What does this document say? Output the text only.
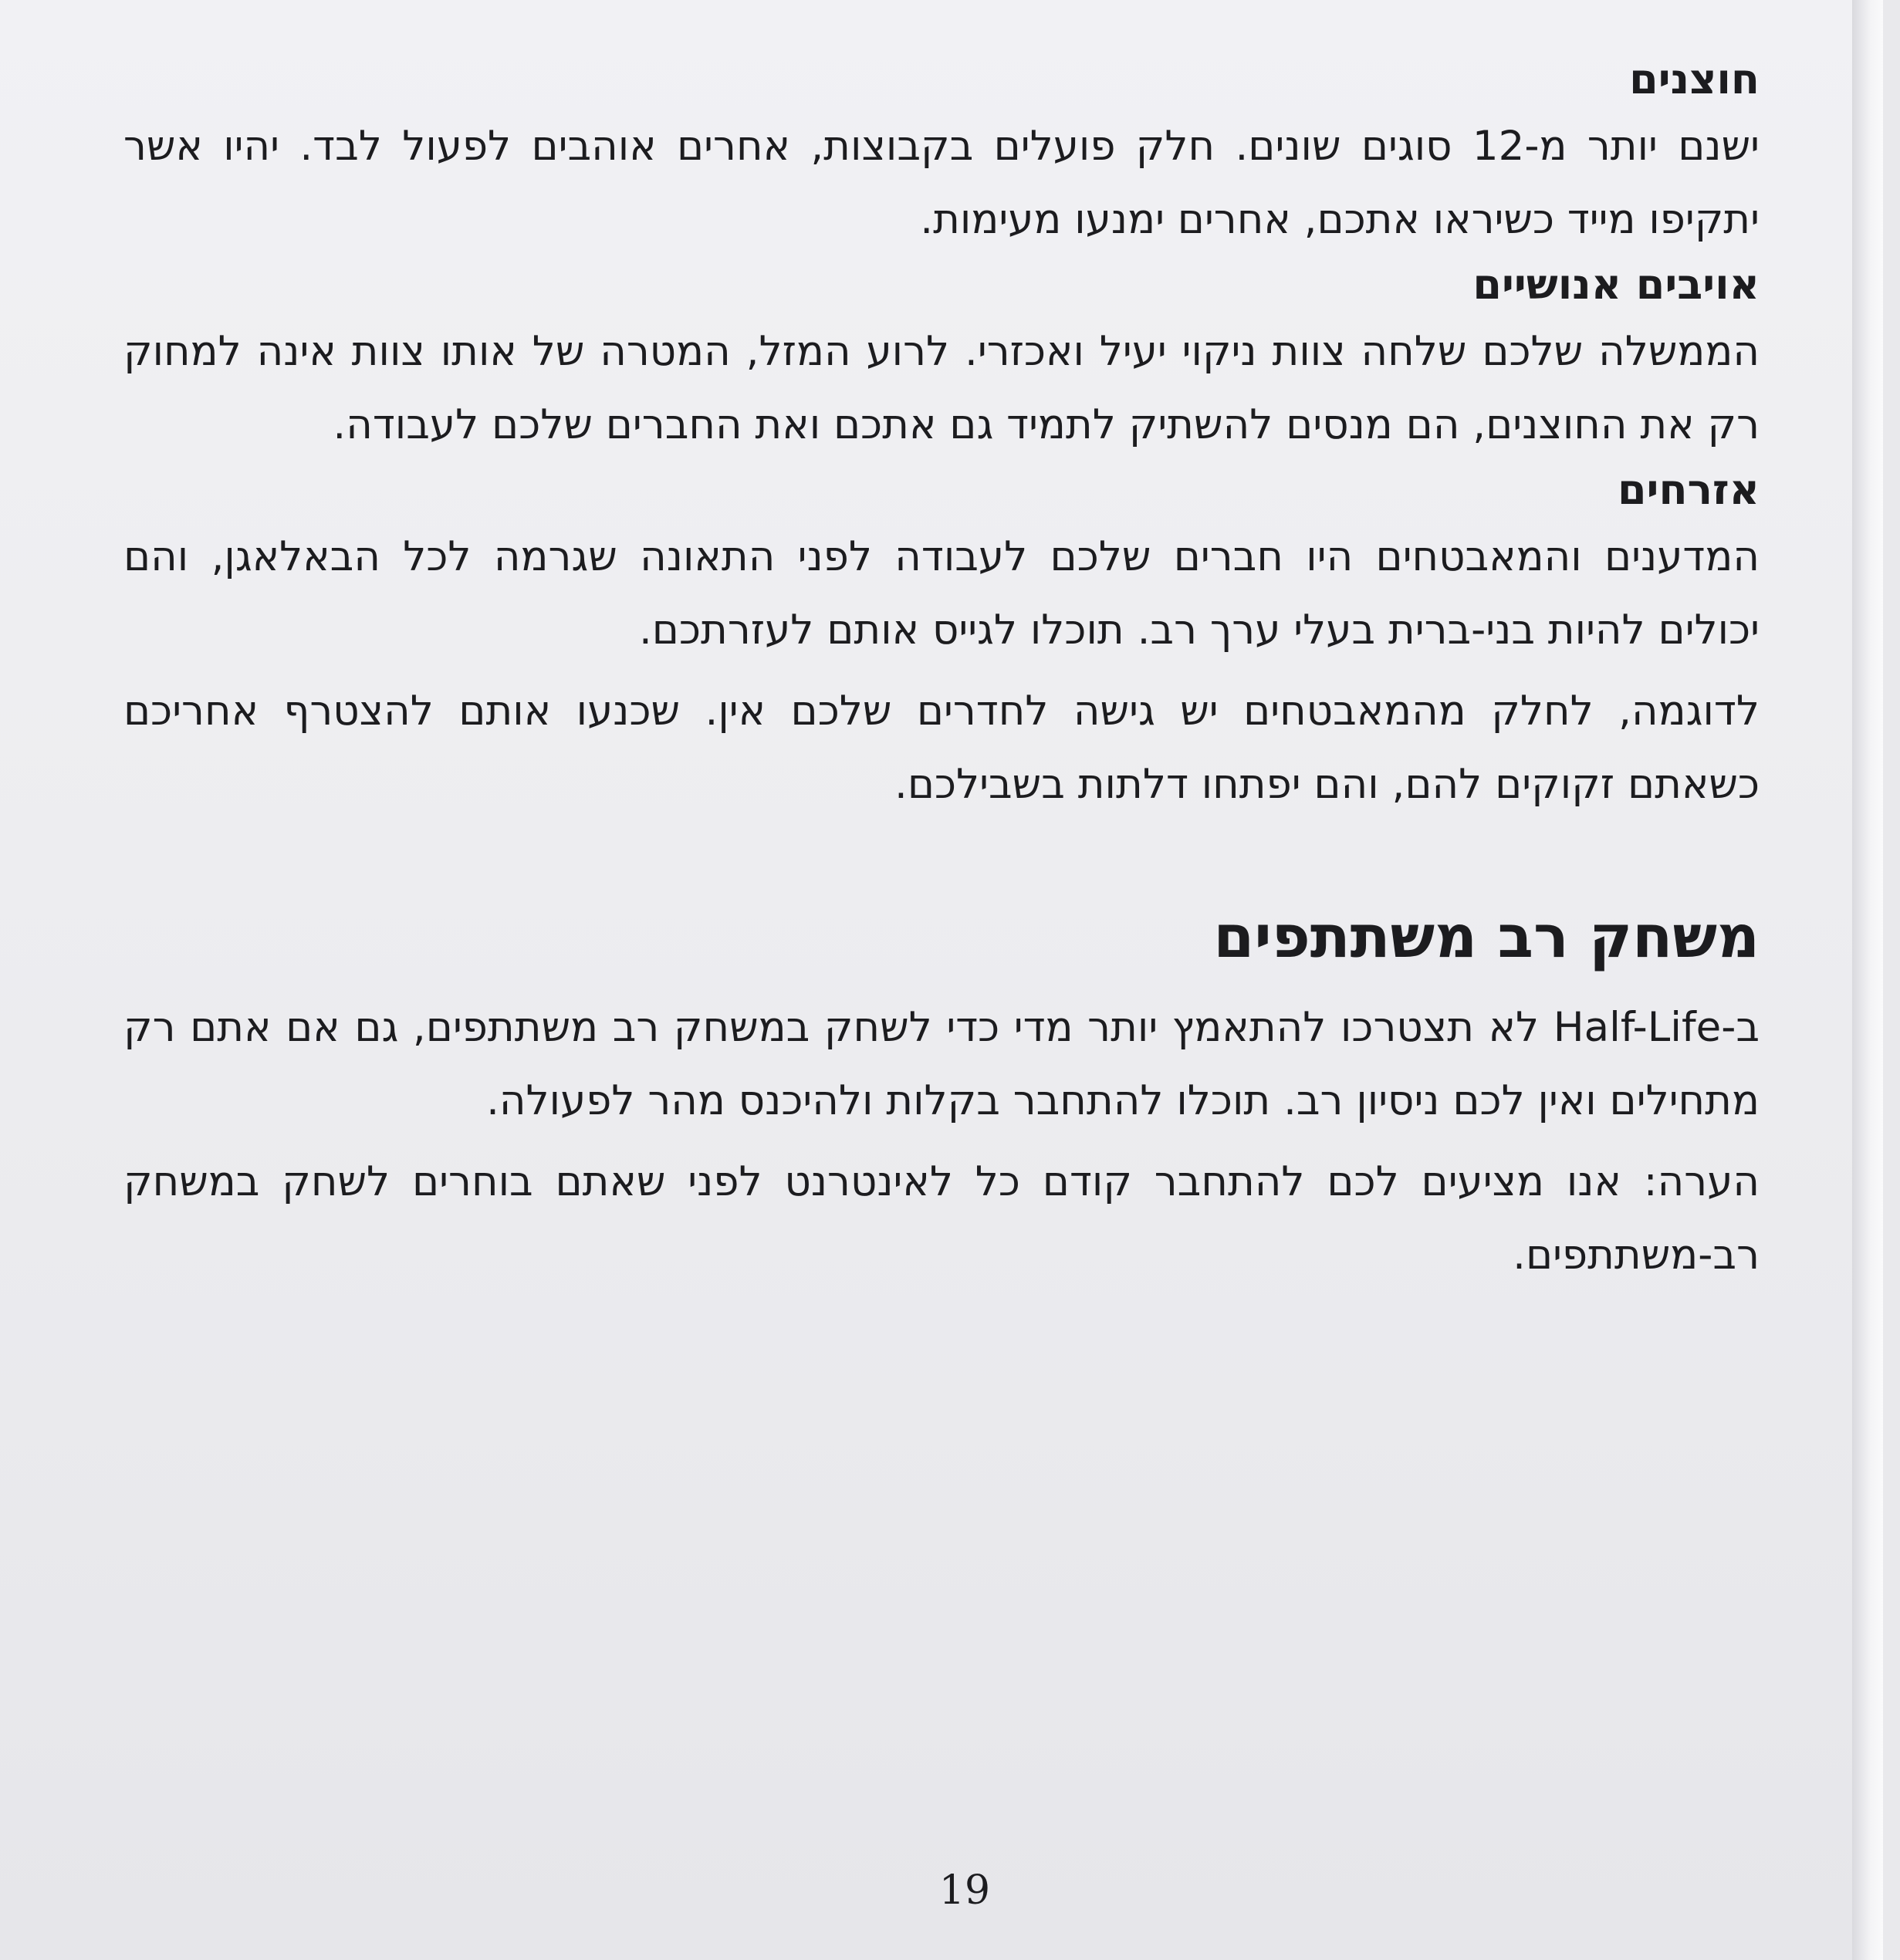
חוצנים

ישנם יותר מ-12 סוגים שונים. חלק פועלים בקבוצות, אחרים אוהבים לפעול לבד. יהיו אשר יתקיפו מייד כשיראו אתכם, אחרים ימנעו מעימות.

אויבים אנושיים

הממשלה שלכם שלחה צוות ניקוי יעיל ואכזרי. לרוע המזל, המטרה של אותו צוות אינה למחוק רק את החוצנים, הם מנסים להשתיק לתמיד גם אתכם ואת החברים שלכם לעבודה.

אזרחים

המדענים והמאבטחים היו חברים שלכם לעבודה לפני התאונה שגרמה לכל הבאלאגן, והם יכולים להיות בני-ברית בעלי ערך רב. תוכלו לגייס אותם לעזרתכם.

לדוגמה, לחלק מהמאבטחים יש גישה לחדרים שלכם אין. שכנעו אותם להצטרף אחריכם כשאתם זקוקים להם, והם יפתחו דלתות בשבילכם.

משחק רב משתתפים

ב-Half-Life לא תצטרכו להתאמץ יותר מדי כדי לשחק במשחק רב משתתפים, גם אם אתם רק מתחילים ואין לכם ניסיון רב. תוכלו להתחבר בקלות ולהיכנס מהר לפעולה.

הערה: אנו מציעים לכם להתחבר קודם כל לאינטרנט לפני שאתם בוחרים לשחק במשחק רב-משתתפים.

19
